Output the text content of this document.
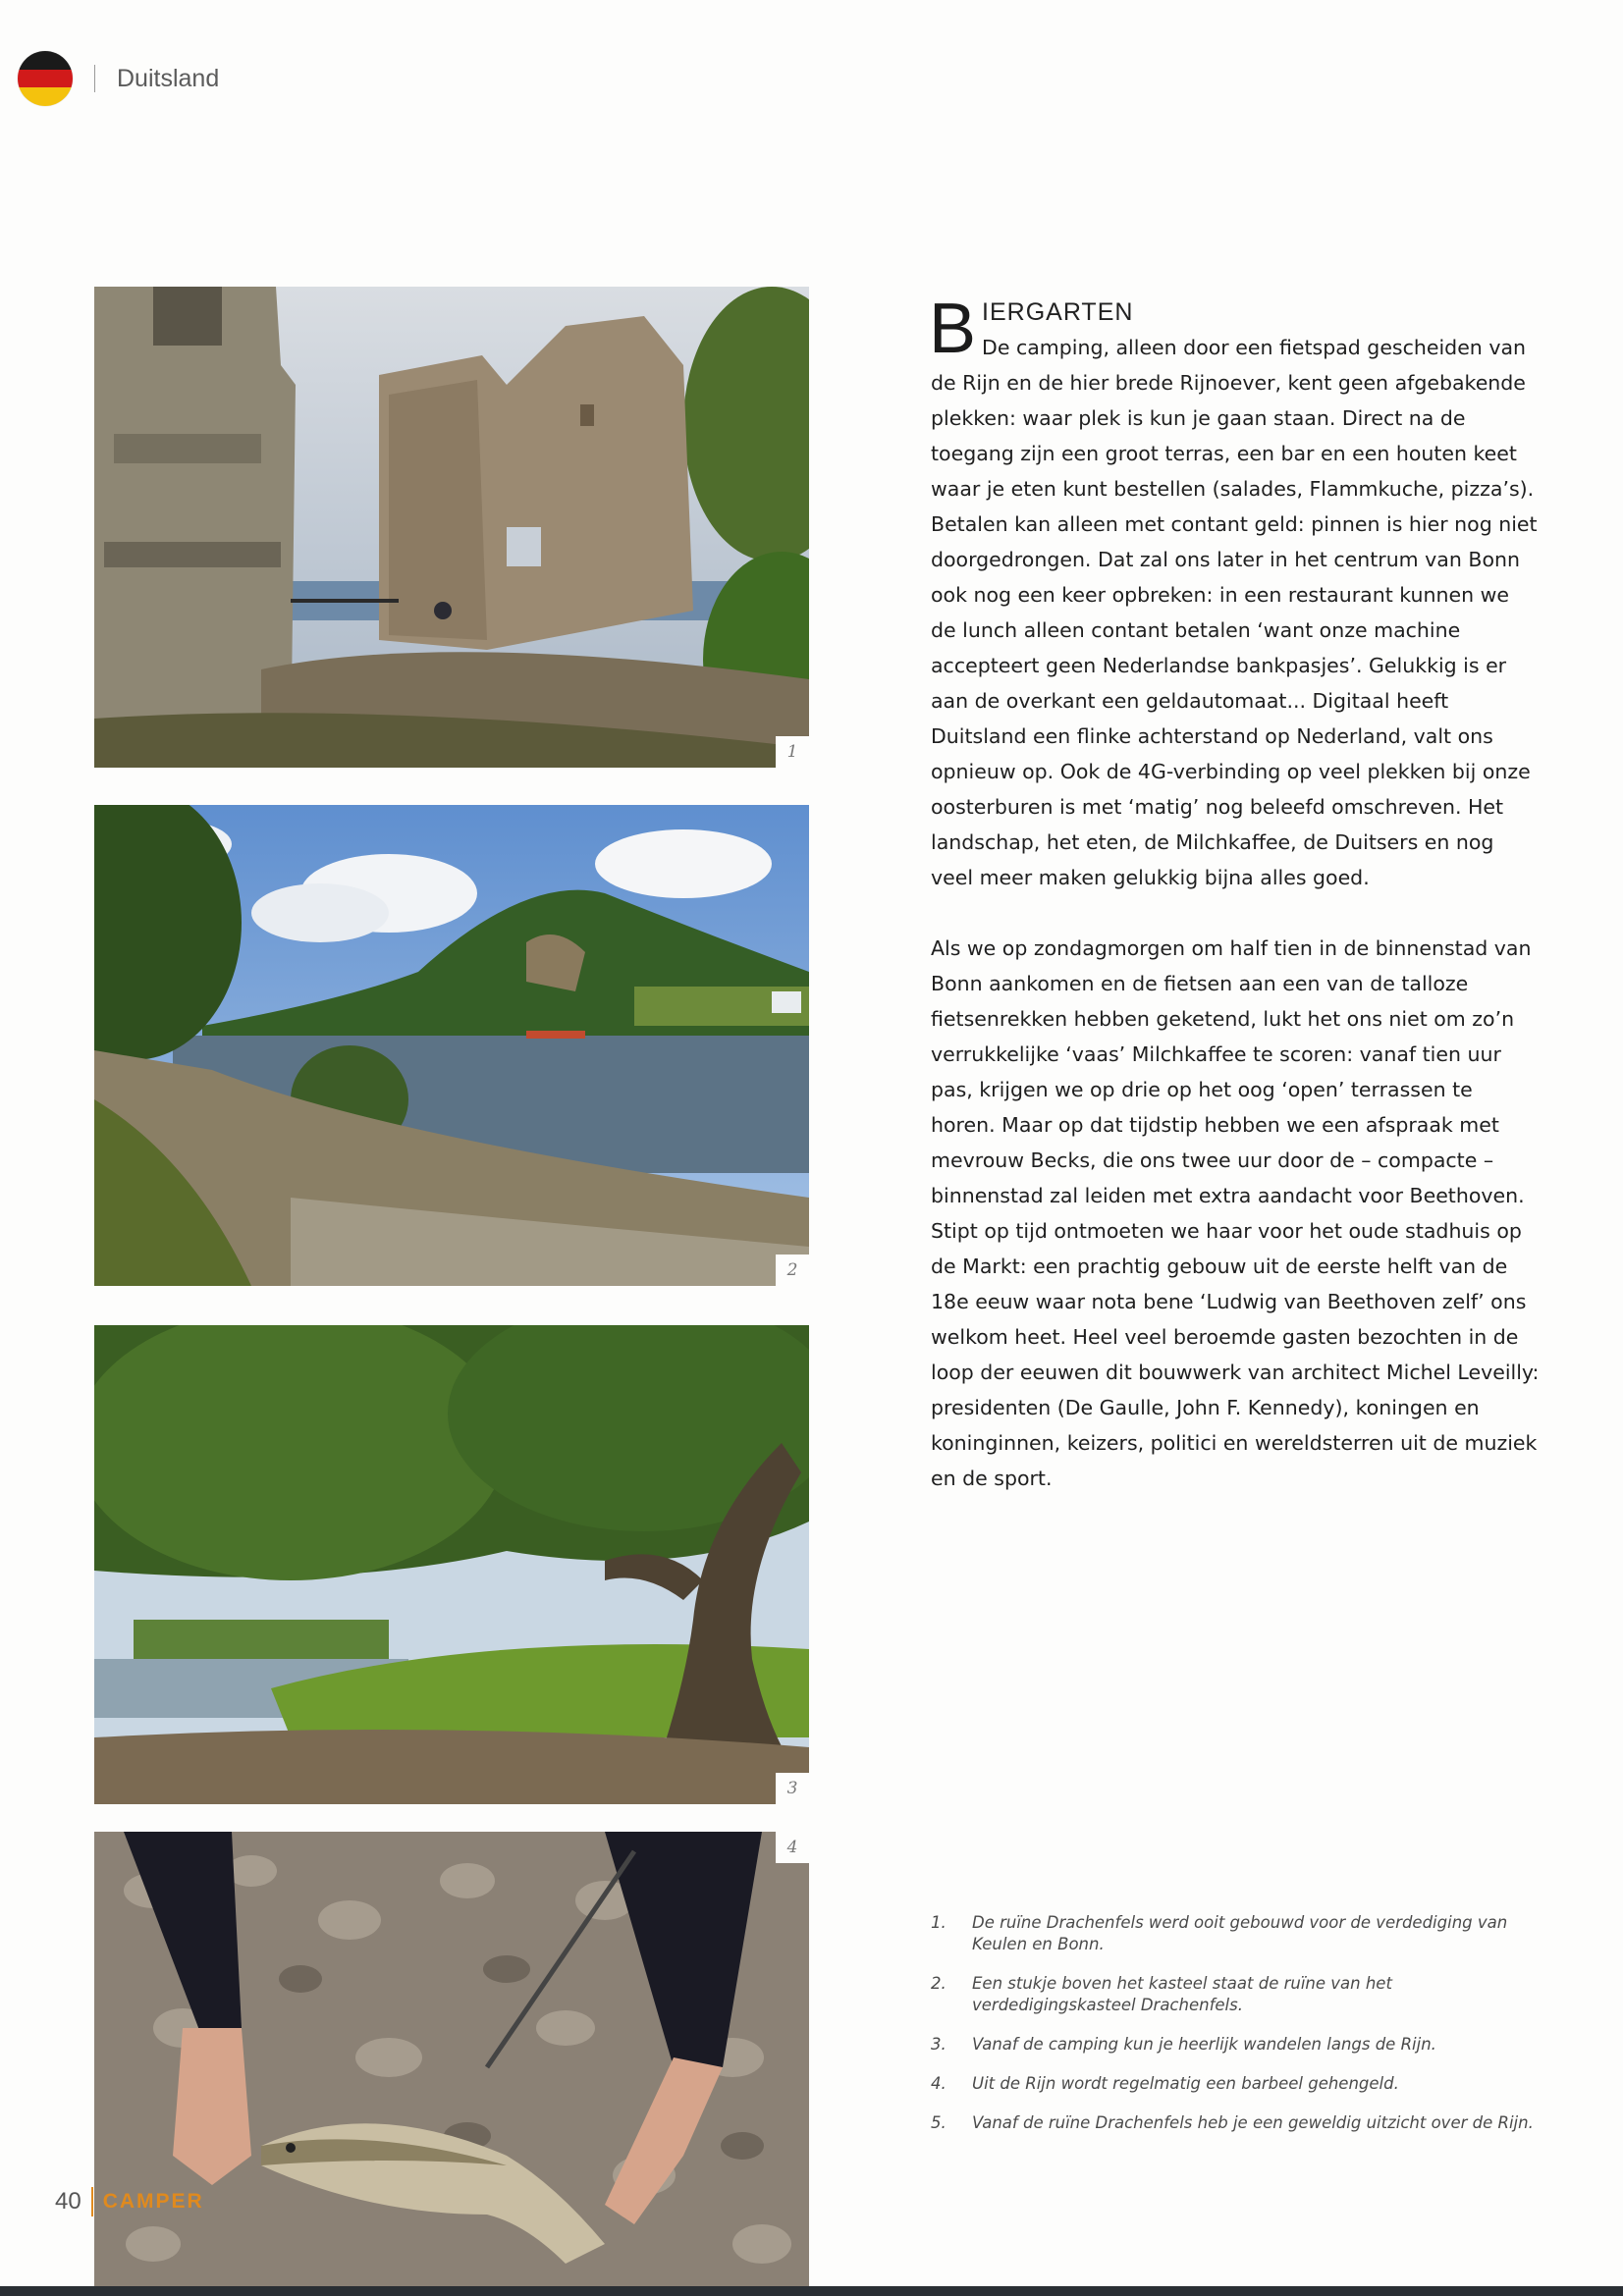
Duitsland
1
2
3
4

B IERGARTEN
De camping, alleen door een fietspad gescheiden van de Rijn en de hier brede Rijnoever, kent geen afgebakende plekken: waar plek is kun je gaan staan. Direct na de toegang zijn een groot terras, een bar en een houten keet waar je eten kunt bestellen (salades, Flammkuche, pizza’s). Betalen kan alleen met contant geld: pinnen is hier nog niet doorgedrongen. Dat zal ons later in het centrum van Bonn ook nog een keer opbreken: in een restaurant kunnen we de lunch alleen contant betalen ‘want onze machine accepteert geen Nederlandse bankpasjes’. Gelukkig is er aan de overkant een geldautomaat... Digitaal heeft Duitsland een flinke achterstand op Nederland, valt ons opnieuw op. Ook de 4G-verbinding op veel plekken bij onze oosterburen is met ‘matig’ nog beleefd omschreven. Het landschap, het eten, de Milchkaffee, de Duitsers en nog veel meer maken gelukkig bijna alles goed.

Als we op zondagmorgen om half tien in de binnenstad van Bonn aankomen en de fietsen aan een van de talloze fietsenrekken hebben geketend, lukt het ons niet om zo’n verrukkelijke ‘vaas’ Milchkaffee te scoren: vanaf tien uur pas, krijgen we op drie op het oog ‘open’ terrassen te horen. Maar op dat tijdstip hebben we een afspraak met mevrouw Becks, die ons twee uur door de – compacte – binnenstad zal leiden met extra aandacht voor Beethoven. Stipt op tijd ontmoeten we haar voor het oude stadhuis op de Markt: een prachtig gebouw uit de eerste helft van de 18e eeuw waar nota bene ‘Ludwig van Beethoven zelf’ ons welkom heet. Heel veel beroemde gasten bezochten in de loop der eeuwen dit bouwwerk van architect Michel Leveilly: presidenten (De Gaulle, John F. Kennedy), koningen en koninginnen, keizers, politici en wereldsterren uit de muziek en de sport.

1.	De ruïne Drachenfels werd ooit gebouwd voor de verdediging van Keulen en Bonn.
2.	Een stukje boven het kasteel staat de ruïne van het verdedigingskasteel Drachenfels.
3.	Vanaf de camping kun je heerlijk wandelen langs de Rijn.
4.	Uit de Rijn wordt regelmatig een barbeel gehengeld.
5.	Vanaf de ruïne Drachenfels heb je een geweldig uitzicht over de Rijn.
40 CAMPER
